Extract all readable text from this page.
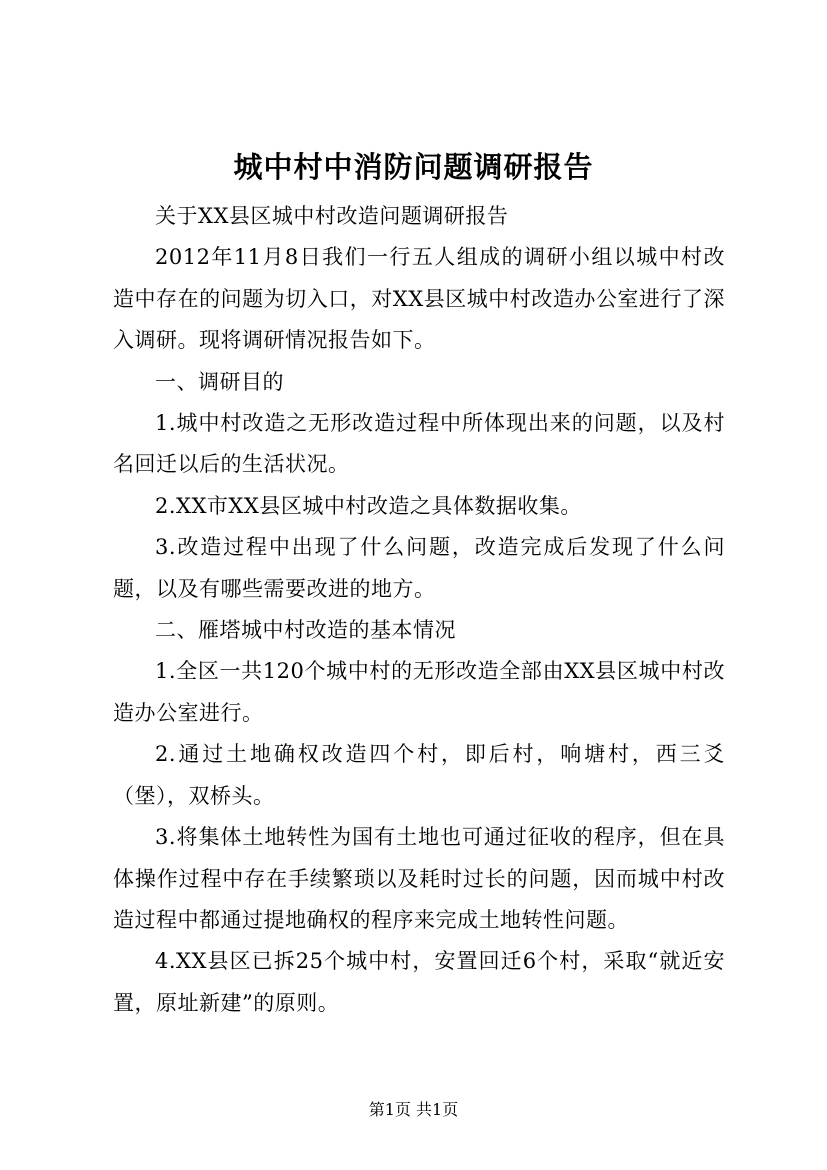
城中村中消防问题调研报告

关于XX县区城中村改造问题调研报告

2012年11月8日我们一行五人组成的调研小组以城中村改造中存在的问题为切入口，对XX县区城中村改造办公室进行了深入调研。现将调研情况报告如下。

一、调研目的

1.城中村改造之无形改造过程中所体现出来的问题，以及村名回迁以后的生活状况。

2.XX市XX县区城中村改造之具体数据收集。

3.改造过程中出现了什么问题，改造完成后发现了什么问题，以及有哪些需要改进的地方。

二、雁塔城中村改造的基本情况

1.全区一共120个城中村的无形改造全部由XX县区城中村改造办公室进行。

2.通过土地确权改造四个村，即后村，响塘村，西三爻（堡），双桥头。

3.将集体土地转性为国有土地也可通过征收的程序，但在具体操作过程中存在手续繁琐以及耗时过长的问题，因而城中村改造过程中都通过提地确权的程序来完成土地转性问题。

4.XX县区已拆25个城中村，安置回迁6个村，采取“就近安置，原址新建”的原则。

第1页 共1页
